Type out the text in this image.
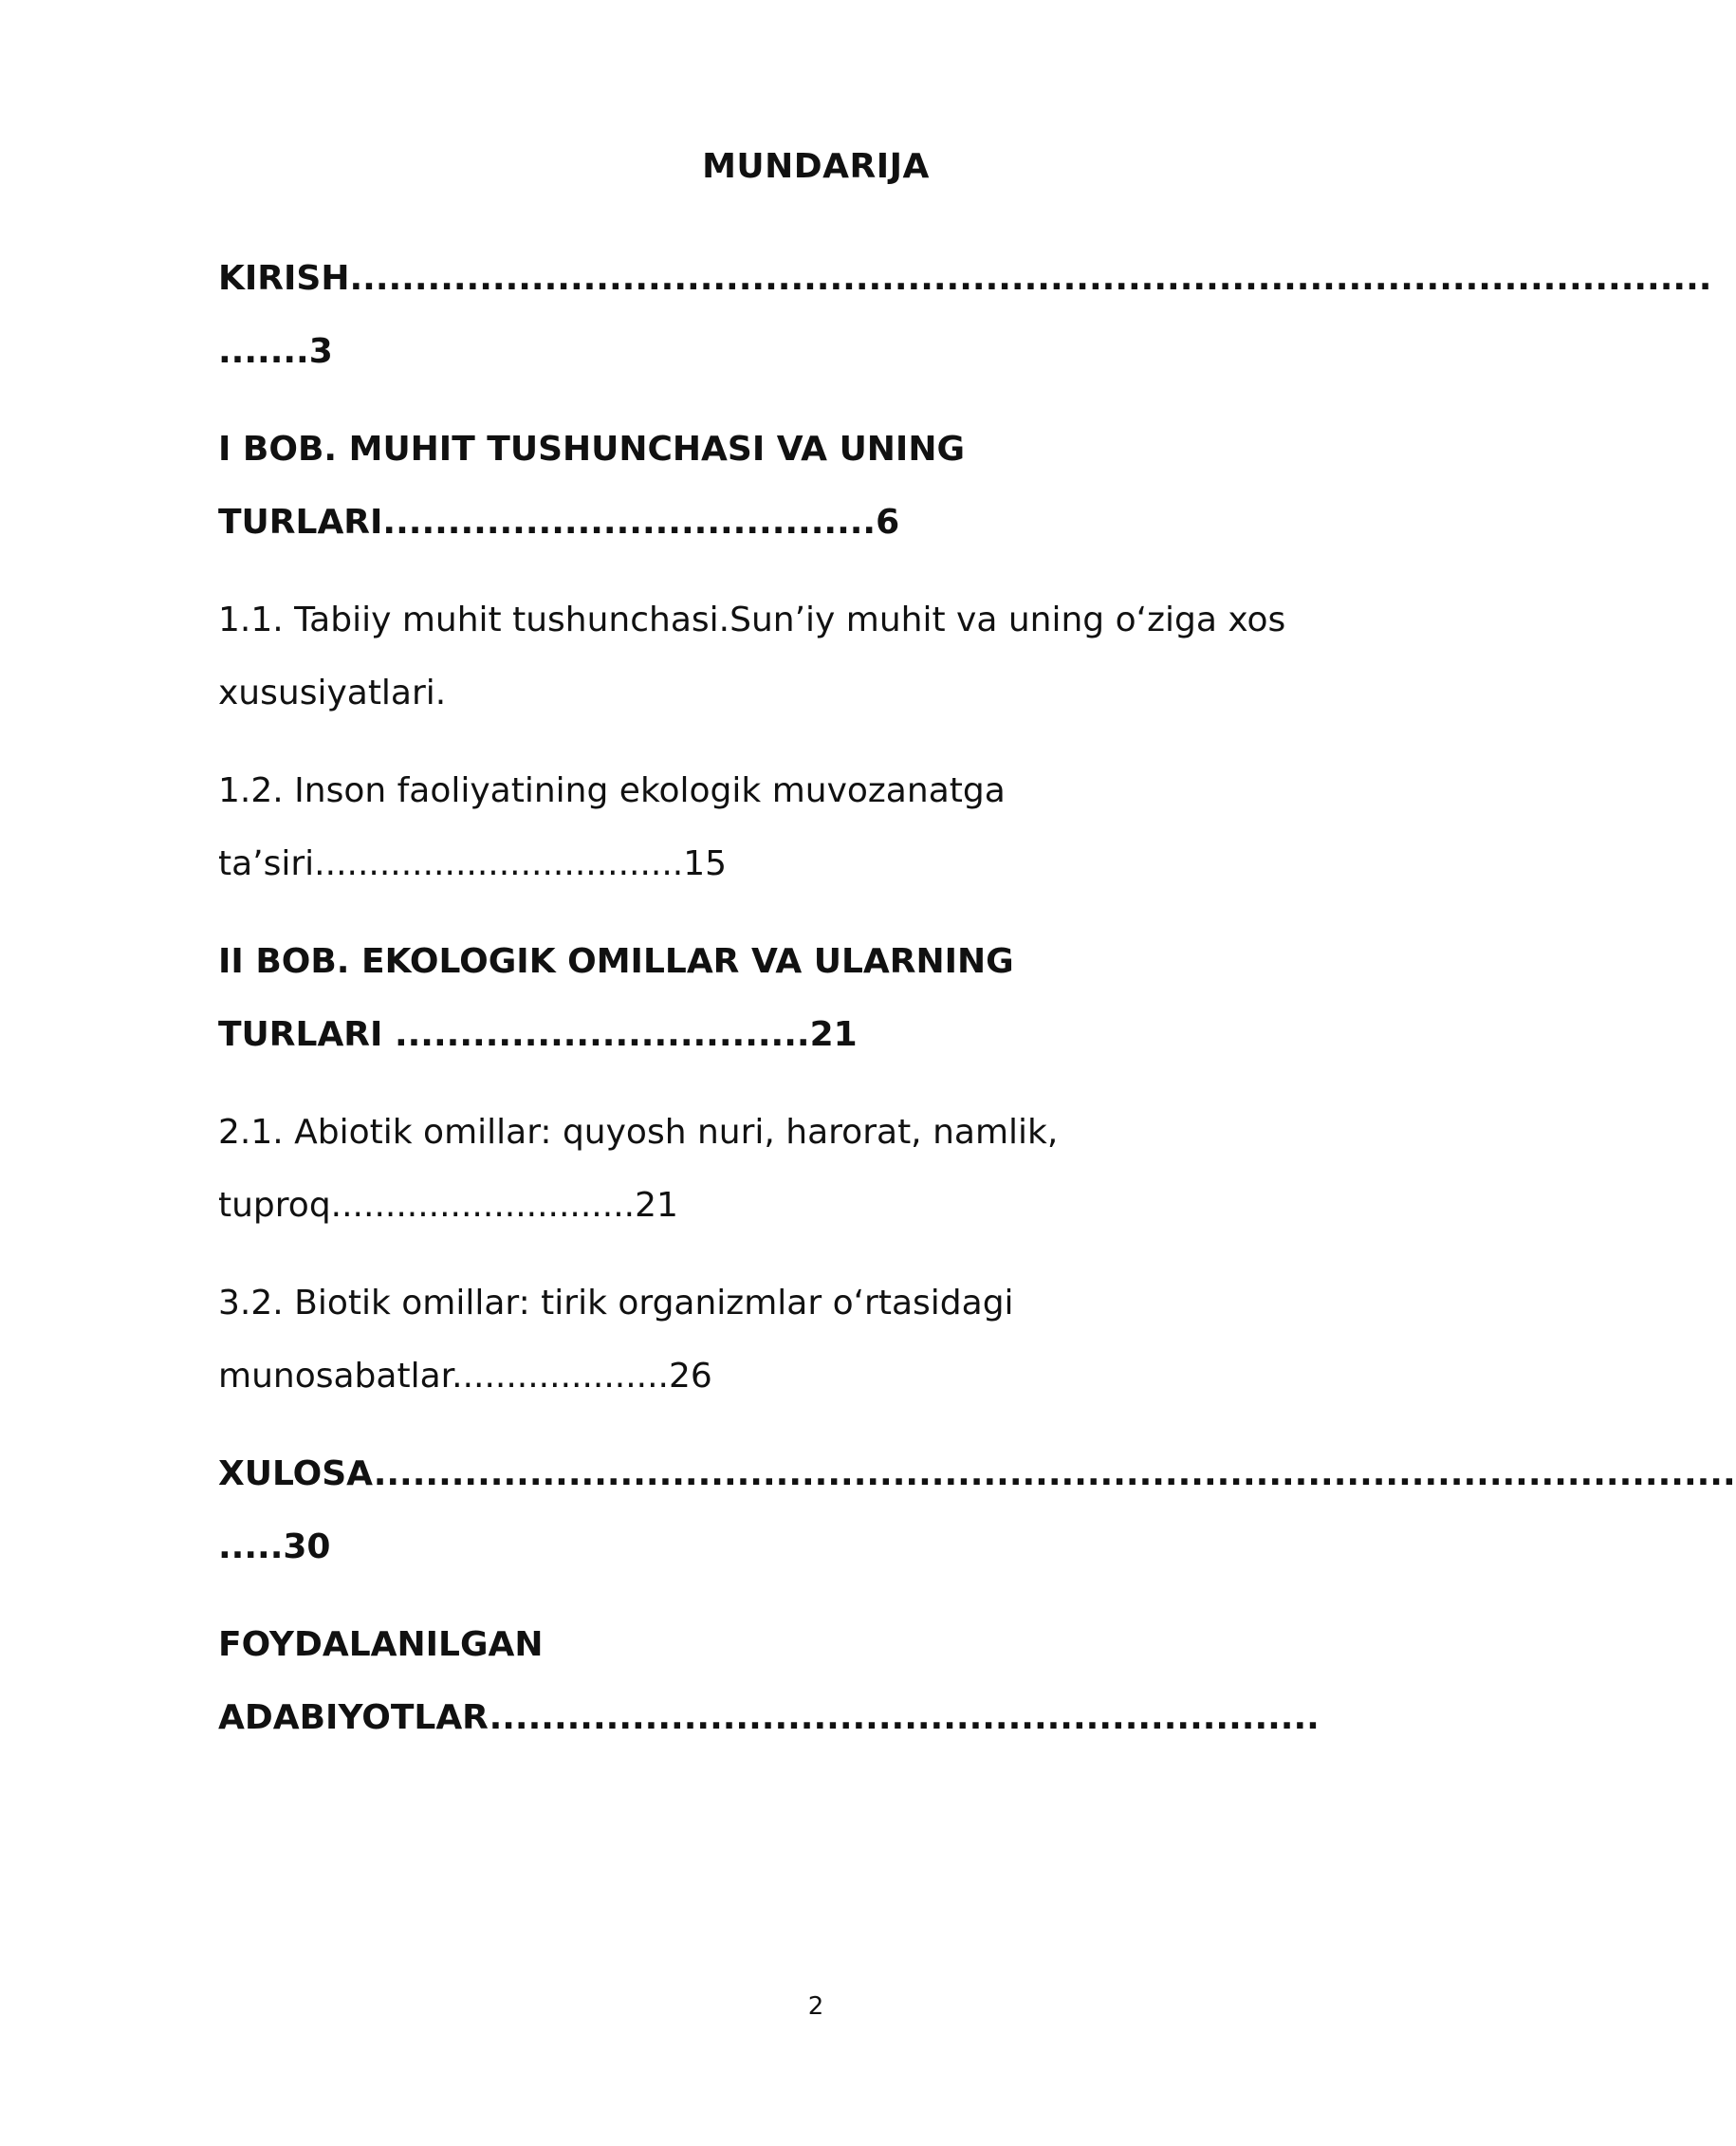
MUNDARIJA
KIRISH.........................................................................................................
.......3
I BOB. MUHIT TUSHUNCHASI VA UNING
TURLARI......................................6
1.1. Tabiiy muhit tushunchasi.Sun’iy muhit va uning o‘ziga xos
xususiyatlari.
1.2. Inson faoliyatining ekologik muvozanatga
ta’siri..................................15
II BOB. EKOLOGIK OMILLAR VA ULARNING
TURLARI ................................21
2.1. Abiotik omillar: quyosh nuri, harorat, namlik,
tuproq............................21
3.2. Biotik omillar: tirik organizmlar o‘rtasidagi
munosabatlar....................26
XULOSA.........................................................................................................
.....30
FOYDALANILGAN
ADABIYOTLAR................................................................
2
